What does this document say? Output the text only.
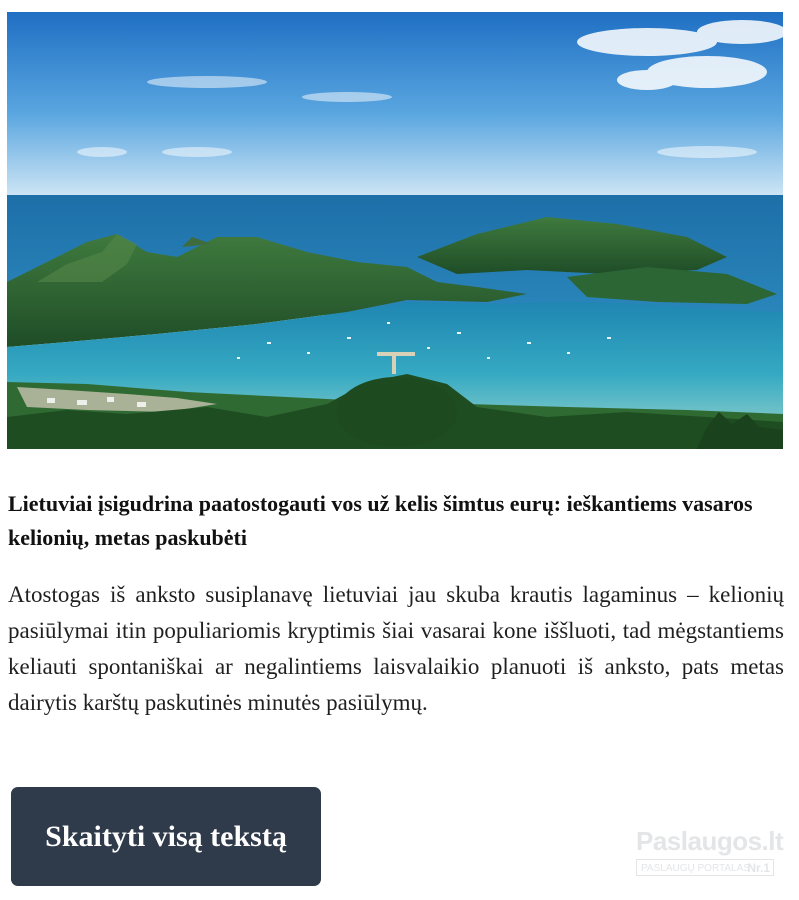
Lietuviai įsigudrina paatostogauti vos už kelis šimtus eurų: ieškantiems vasaros kelionių, metas paskubėti

Atostogas iš anksto susiplanavę lietuviai jau skuba krautis lagaminus – kelionių pasiūlymai itin populiariomis kryptimis šiai vasarai kone iššluoti, tad mėgstantiems keliauti spontaniškai ar negalintiems laisvalaikio planuoti iš anksto, pats metas dairytis karštų paskutinės minutės pasiūlymų.

Skaityti visą tekstą	Paslaugos.lt
PASLAUGŲ PORTALAS
Nr.1
